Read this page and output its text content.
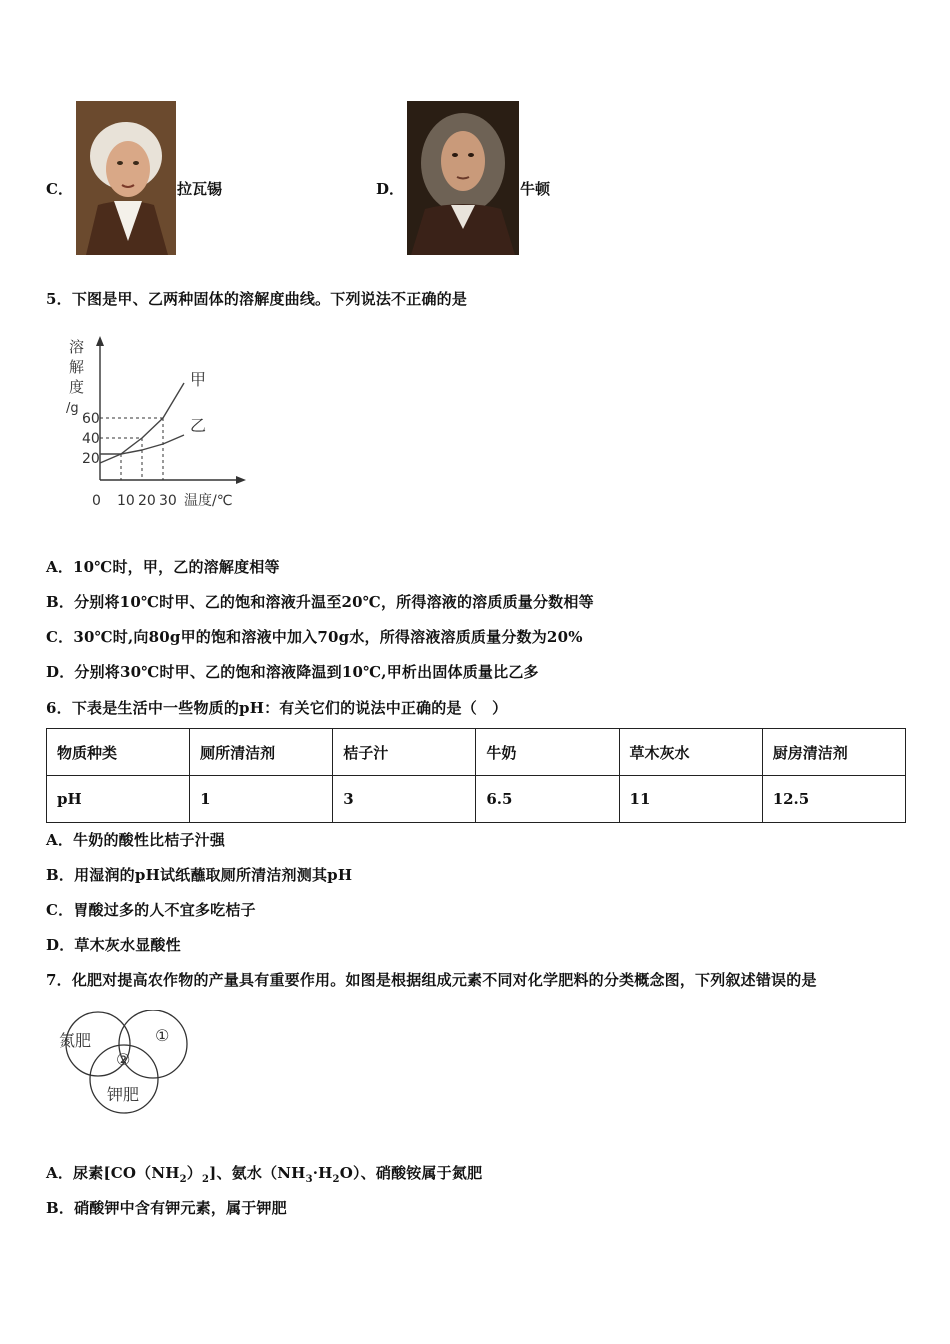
C．	拉瓦锡	D．	牛顿
5．下图是甲、乙两种固体的溶解度曲线。下列说法不正确的是
0 10 20 30
20
40
60
甲
乙
溶
解
度
/g
温度/℃
A．10℃时，甲，乙的溶解度相等
B．分别将10℃时甲、乙的饱和溶液升温至20℃，所得溶液的溶质质量分数相等
C．30℃时,向80g甲的饱和溶液中加入70g水，所得溶液溶质质量分数为20%
D．分别将30℃时甲、乙的饱和溶液降温到10℃,甲析出固体质量比乙多
6．下表是生活中一些物质的pH：有关它们的说法中正确的是（　）
物质种类	厕所清洁剂	桔子汁	牛奶	草木灰水	厨房清洁剂
pH	1	3	6.5	11	12.5
A．牛奶的酸性比桔子汁强
B．用湿润的pH试纸蘸取厕所清洁剂测其pH
C．胃酸过多的人不宜多吃桔子
D．草木灰水显酸性
7．化肥对提高农作物的产量具有重要作用。如图是根据组成元素不同对化学肥料的分类概念图，下列叙述错误的是
氮肥	①
②
钾肥
A．尿素$[CO(NH_2)_2]$、氨水$(NH_3\cdot H_2O)$、硝酸铵属于氮肥
B．硝酸钾中含有钾元素，属于钾肥
